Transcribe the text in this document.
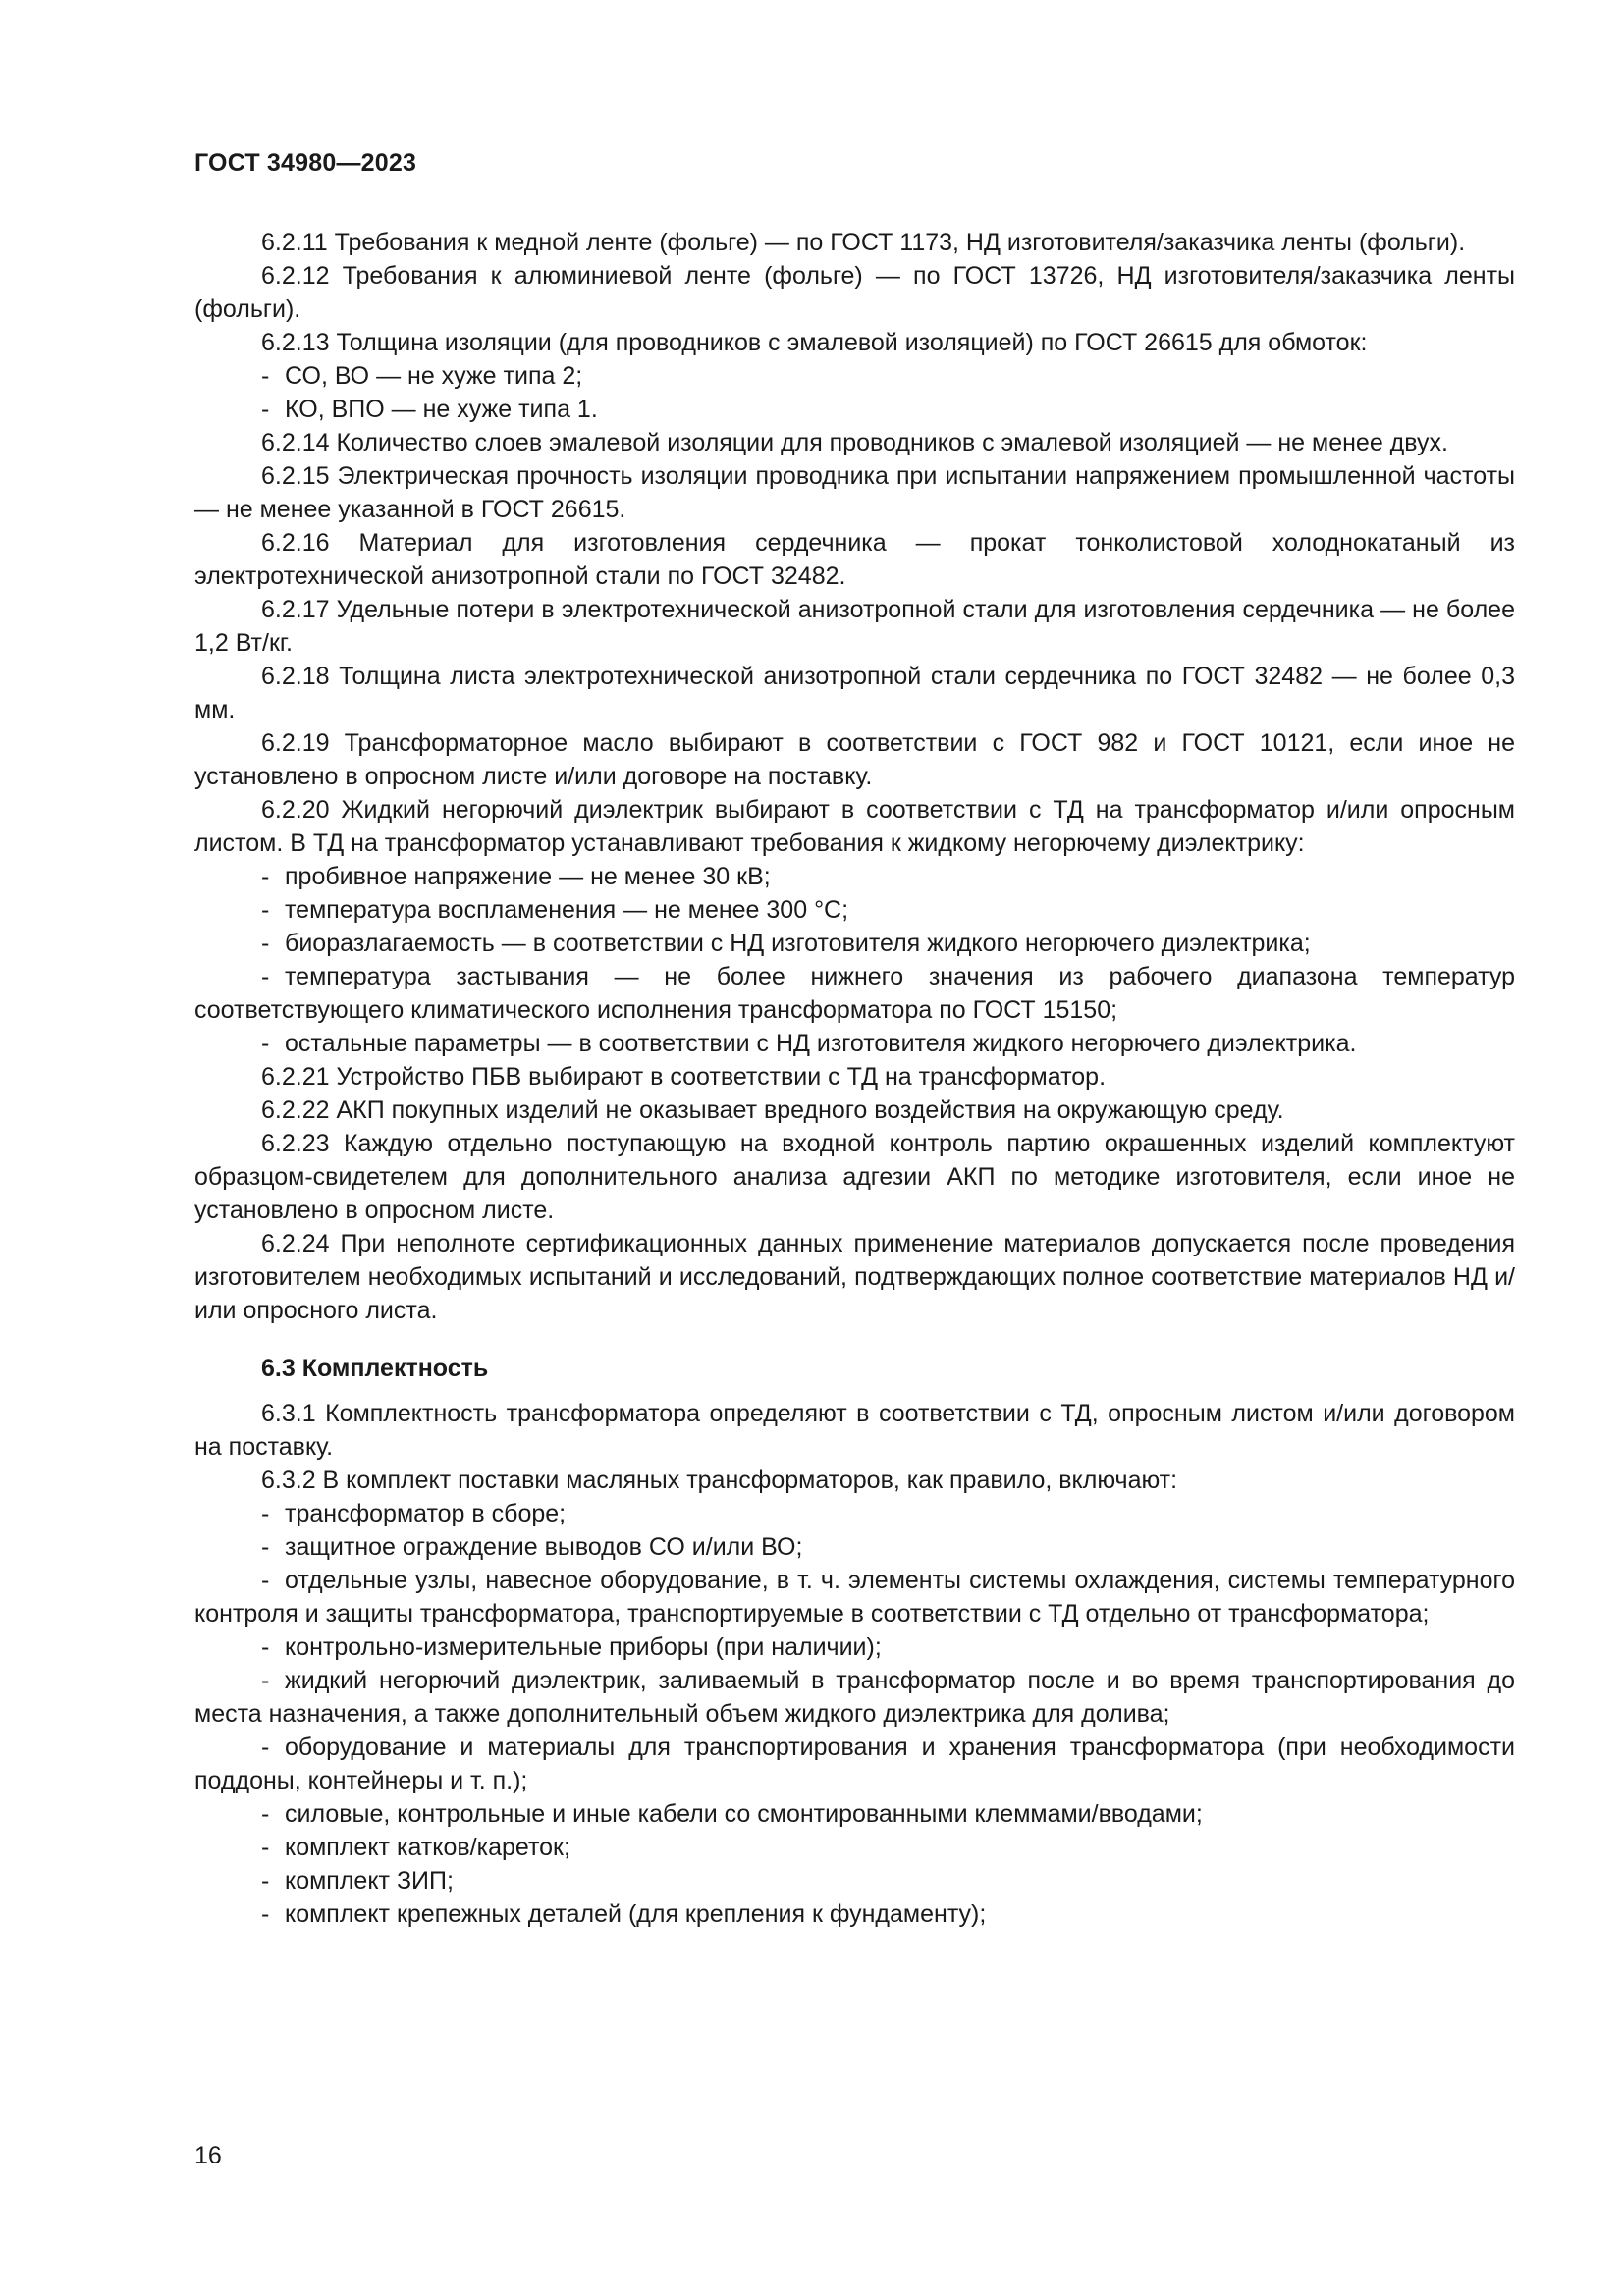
ГОСТ 34980—2023

6.2.11 Требования к медной ленте (фольге) — по ГОСТ 1173, НД изготовителя/заказчика ленты (фольги).

6.2.12 Требования к алюминиевой ленте (фольге) — по ГОСТ 13726, НД изготовителя/заказчика ленты (фольги).

6.2.13 Толщина изоляции (для проводников с эмалевой изоляцией) по ГОСТ 26615 для обмоток:

- СО, ВО — не хуже типа 2;

- КО, ВПО — не хуже типа 1.

6.2.14 Количество слоев эмалевой изоляции для проводников с эмалевой изоляцией — не менее двух.

6.2.15 Электрическая прочность изоляции проводника при испытании напряжением промышленной частоты — не менее указанной в ГОСТ 26615.

6.2.16 Материал для изготовления сердечника — прокат тонколистовой холоднокатаный из электротехнической анизотропной стали по ГОСТ 32482.

6.2.17 Удельные потери в электротехнической анизотропной стали для изготовления сердечника — не более 1,2 Вт/кг.

6.2.18 Толщина листа электротехнической анизотропной стали сердечника по ГОСТ 32482 — не более 0,3 мм.

6.2.19 Трансформаторное масло выбирают в соответствии с ГОСТ 982 и ГОСТ 10121, если иное не установлено в опросном листе и/или договоре на поставку.

6.2.20 Жидкий негорючий диэлектрик выбирают в соответствии с ТД на трансформатор и/или опросным листом. В ТД на трансформатор устанавливают требования к жидкому негорючему диэлектрику:

- пробивное напряжение — не менее 30 кВ;

- температура воспламенения — не менее 300 °С;

- биоразлагаемость — в соответствии с НД изготовителя жидкого негорючего диэлектрика;

- температура застывания — не более нижнего значения из рабочего диапазона температур соответствующего климатического исполнения трансформатора по ГОСТ 15150;

- остальные параметры — в соответствии с НД изготовителя жидкого негорючего диэлектрика.

6.2.21 Устройство ПБВ выбирают в соответствии с ТД на трансформатор.

6.2.22 АКП покупных изделий не оказывает вредного воздействия на окружающую среду.

6.2.23 Каждую отдельно поступающую на входной контроль партию окрашенных изделий комплектуют образцом-свидетелем для дополнительного анализа адгезии АКП по методике изготовителя, если иное не установлено в опросном листе.

6.2.24 При неполноте сертификационных данных применение материалов допускается после проведения изготовителем необходимых испытаний и исследований, подтверждающих полное соответствие материалов НД и/или опросного листа.

6.3 Комплектность

6.3.1 Комплектность трансформатора определяют в соответствии с ТД, опросным листом и/или договором на поставку.

6.3.2 В комплект поставки масляных трансформаторов, как правило, включают:

- трансформатор в сборе;

- защитное ограждение выводов СО и/или ВО;

- отдельные узлы, навесное оборудование, в т. ч. элементы системы охлаждения, системы температурного контроля и защиты трансформатора, транспортируемые в соответствии с ТД отдельно от трансформатора;

- контрольно-измерительные приборы (при наличии);

- жидкий негорючий диэлектрик, заливаемый в трансформатор после и во время транспортирования до места назначения, а также дополнительный объем жидкого диэлектрика для долива;

- оборудование и материалы для транспортирования и хранения трансформатора (при необходимости поддоны, контейнеры и т. п.);

- силовые, контрольные и иные кабели со смонтированными клеммами/вводами;

- комплект катков/кареток;

- комплект ЗИП;

- комплект крепежных деталей (для крепления к фундаменту);

16
